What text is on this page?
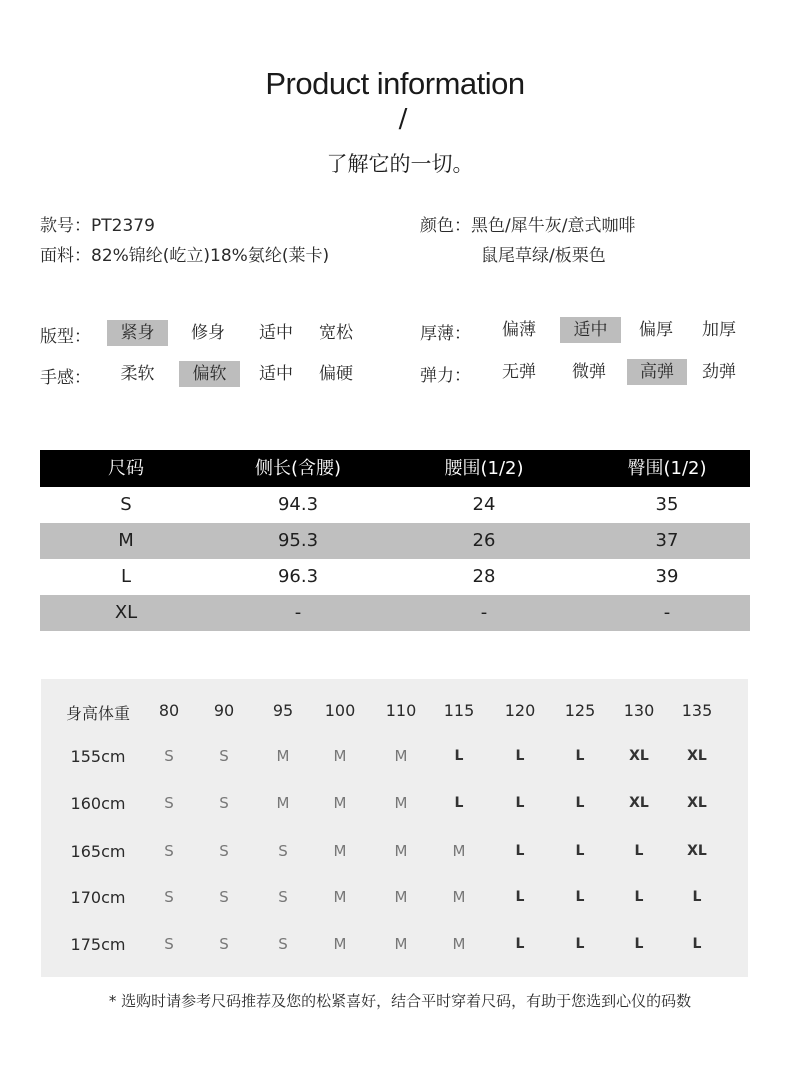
Product information
/
了解它的一切。
款号：PT2379
面料：82%锦纶(屹立)18%氨纶(莱卡)
颜色：黑色/犀牛灰/意式咖啡
鼠尾草绿/板栗色
版型：	紧身	修身	适中	宽松
手感：	柔软	偏软	适中	偏硬
厚薄：	偏薄	适中	偏厚	加厚
弹力：	无弹	微弹	高弹	劲弹
尺码	侧长(含腰)	腰围(1/2)	臀围(1/2)
S	94.3	24	35
M	95.3	26	37
L	96.3	28	39
XL	-	-	-
身高体重	80	90	95	100	110	115	120	125	130	135
155cm	S	S	M	M	M	L	L	L	XL	XL
160cm	S	S	M	M	M	L	L	L	XL	XL
165cm	S	S	S	M	M	M	L	L	L	XL
170cm	S	S	S	M	M	M	L	L	L	L
175cm	S	S	S	M	M	M	L	L	L	L
* 选购时请参考尺码推荐及您的松紧喜好，结合平时穿着尺码，有助于您选到心仪的码数
